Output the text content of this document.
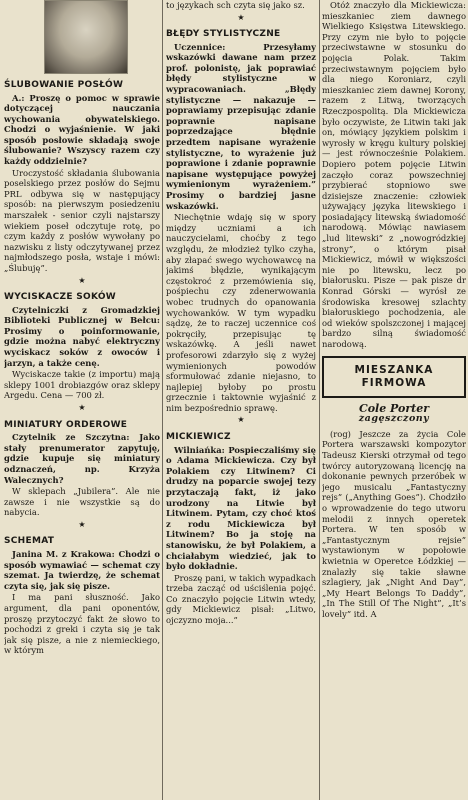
ŚLUBOWANIE POSŁÓW

A.: Proszę o pomoc w sprawie dotyczącej nauczania wychowania obywatelskiego. Chodzi o wyjaśnienie. W jaki sposób posłowie składają swoje ślubowanie? Wszyscy razem czy każdy oddzielnie?

Uroczystość składania ślubowania poselskiego przez posłów do Sejmu PRL odbywa się w następujący sposób: na pierwszym posiedzeniu marszałek - senior czyli najstarszy wiekiem poseł odczytuje rotę, po czym każdy z posłów wywołany po nazwisku z listy odczytywanej przez najmłodszego posła, wstaje i mówi: „Ślubuję”.

★
WYCISKACZE SOKÓW

Czytelniczki z Gromadzkiej Biblioteki Publicznej w Bełcu: Prosimy o poinformowanie, gdzie można nabyć elektryczny wyciskacz soków z owoców i jarzyn, a także cenę.

Wyciskacze takie (z importu) mają sklepy 1001 drobiazgów oraz sklepy Argedu. Cena — 700 zł.

★
MINIATURY ORDEROWE

Czytelnik ze Szczytna: Jako stały prenumerator zapytuję, gdzie kupuje się miniatury odznaczeń, np. Krzyża Walecznych?

W sklepach „Jubilera”. Ale nie zawsze i nie wszystkie są do nabycia.

★
SCHEMAT

Janina M. z Krakowa: Chodzi o sposób wymawiać — schemat czy szemat. Ja twierdzę, że schemat czyta się, jak się pisze.

I ma pani słuszność. Jako argument, dla pani oponentów, proszę przytoczyć fakt że słowo to pochodzi z greki i czyta się je tak jak się pisze, a nie z niemieckiego, w którym

to językach sch czyta się jako sz.

★
BŁĘDY STYLISTYCZNE

Uczennice: Przesyłamy wskazówki dawane nam przez prof. polonistę, jak poprawiać błędy stylistyczne w wypracowaniach. „Błędy stylistyczne — nakazuje — poprawiamy przepisując zdanie poprawnie napisane poprzedzające błędnie przedtem napisane wyrażenie stylistyczne, to wyrażenie już poprawione i zdanie poprawnie napisane występujące powyżej wymienionym wyrażeniem.” Prosimy o bardziej jasne wskazówki.

Niechętnie wdaję się w spory między uczniami a ich nauczycielami, choćby z tego względu, że młodzież tylko czyha, aby złapać swego wychowawcę na jakimś błędzie, wynikającym częstokroć z przemówienia się, pośpiechu czy zdenerwowania wobec trudnych do opanowania wychowanków. W tym wypadku sądzę, że to raczej uczennice coś pokręciły, przepisując tę wskazówkę. A jeśli nawet profesorowi zdarzyło się z wyżej wymienionych powodów sformułować zdanie niejasno, to najlepiej byłoby po prostu grzecznie i taktownie wyjaśnić z nim bezpośrednio sprawę.

★
MICKIEWICZ

Wilniańka: Pospieczaliśmy się o Adama Mickiewicza. Czy był Polakiem czy Litwinem? Ci drudzy na poparcie swojej tezy przytaczają fakt, iż jako urodzony na Litwie był Litwinem. Pytam, czy choć ktoś z rodu Mickiewicza był Litwinem? Bo ja stoję na stanowisku, że był Polakiem, a chciałabym wiedzieć, jak to było dokładnie.

Proszę pani, w takich wypadkach trzeba zacząć od uściślenia pojęć. Co znaczyło pojęcie Litwin wtedy, gdy Mickiewicz pisał: „Litwo, ojczyzno moja...”

Otóż znaczyło dla Mickiewicza: mieszkaniec ziem dawnego Wielkiego Księstwa Litewskiego. Przy czym nie było to pojęcie przeciwstawne w stosunku do pojęcia Polak. Takim przeciwstawnym pojęciem było dla niego Koroniarz, czyli mieszkaniec ziem dawnej Korony, razem z Litwą, tworzących Rzeczpospolitą. Dla Mickiewicza było oczywiste, że Litwin taki jak on, mówiący językiem polskim i wyrosły w kręgu kultury polskiej — jest równocześnie Polakiem. Dopiero potem pojęcie Litwin zaczęło coraz powszechniej przybierać stopniowo swe dzisiejsze znaczenie: człowiek używający języka litewskiego i posiadający litewską świadomość narodową. Mówiąc nawiasem „lud litewski” z „nowogródzkiej strony”, o którym pisał Mickiewicz, mówił w większości nie po litewsku, lecz po białorusku. Pisze — pak pisze dr Konrad Górski — wyrósł ze środowiska kresowej szlachty białoruskiego pochodzenia, ale od wieków spolszczonej i mającej bardzo silną świadomość narodową.

MIESZANKA FIRMOWA
Cole Porter
zagęszczony

(rog) Jeszcze za życia Cole Portera warszawski kompozytor Tadeusz Kierski otrzymał od tego twórcy autoryzowaną licencję na dokonanie pewnych przeróbek w jego musicalu „Fantastyczny rejs” („Anything Goes”). Chodziło o wprowadzenie do tego utworu melodii z innych operetek Portera. W ten sposób w „Fantastycznym rejsie” wystawionym w popołowie kwietnia w Operetce Łódzkiej — znalazły się takie sławne szlagiery, jak „Night And Day”, „My Heart Belongs To Daddy”, „In The Still Of The Night”, „It’s lovely” itd. A
